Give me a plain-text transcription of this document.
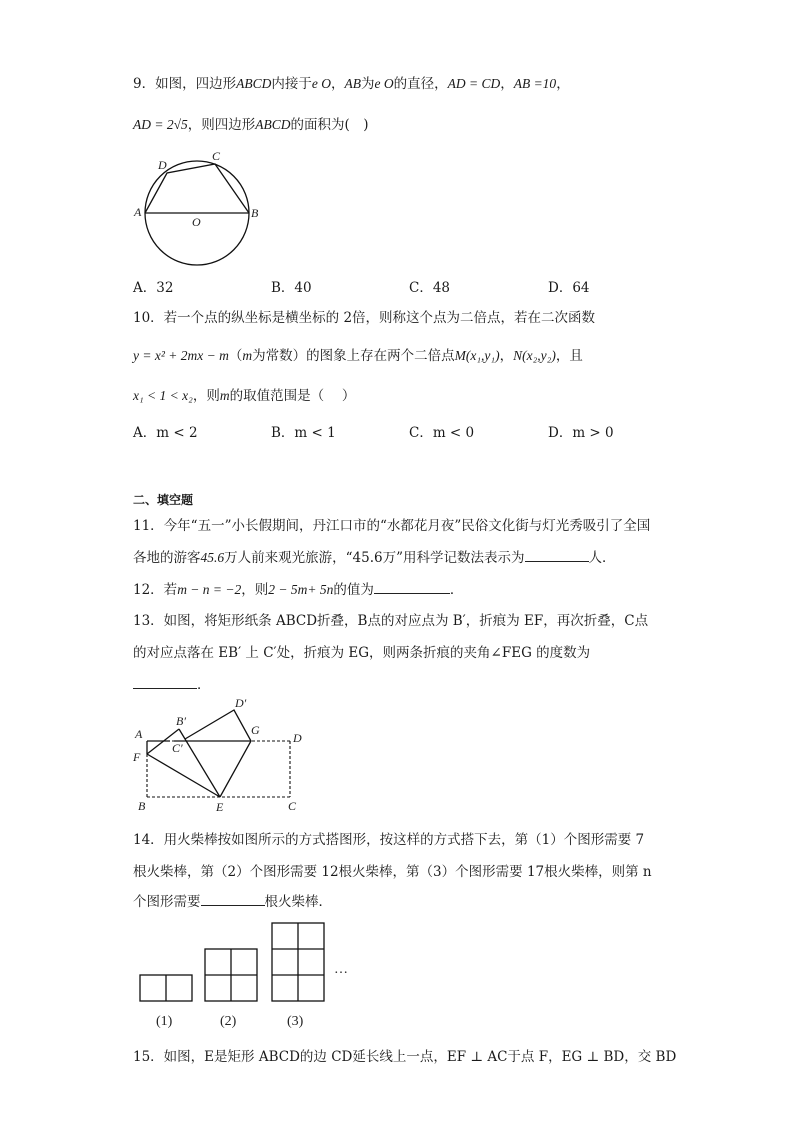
9．如图，四边形ABCD内接于e O，AB为e O的直径，AD = CD，AB =10，
AD = 2√5，则四边形ABCD的面积为(　)
D
C
A
O
B
A．32	B．40	C．48	D．64
10．若一个点的纵坐标是横坐标的 2倍，则称这个点为二倍点，若在二次函数
y = x² + 2mx − m（m为常数）的图象上存在两个二倍点M(x₁,y₁)，N(x₂,y₂)，且
x₁ < 1 < x₂，则m的取值范围是（　 ）
A．m < 2	B．m < 1	C．m < 0	D．m > 0
二、填空题
11．今年“五一”小长假期间，丹江口市的“水都花月夜”民俗文化街与灯光秀吸引了全国
各地的游客45.6万人前来观光旅游，“45.6万”用科学记数法表示为	人．
12．若m − n = −2，则2 − 5m+ 5n的值为	．
13．如图，将矩形纸条 ABCD折叠，B点的对应点为 B′，折痕为 EF，再次折叠，C点
的对应点落在 EB′ 上 C′处，折痕为 EG，则两条折痕的夹角∠FEG 的度数为
．
D′
A
B′
G
D
C′
F
B	E	C
14．用火柴棒按如图所示的方式搭图形，按这样的方式搭下去，第（1）个图形需要 7
根火柴棒，第（2）个图形需要 12根火柴棒，第（3）个图形需要 17根火柴棒，则第 n
个图形需要	根火柴棒．
(1)	(2)	(3)
…
15．如图，E是矩形 ABCD的边 CD延长线上一点，EF ⊥ AC于点 F，EG ⊥ BD，交 BD
